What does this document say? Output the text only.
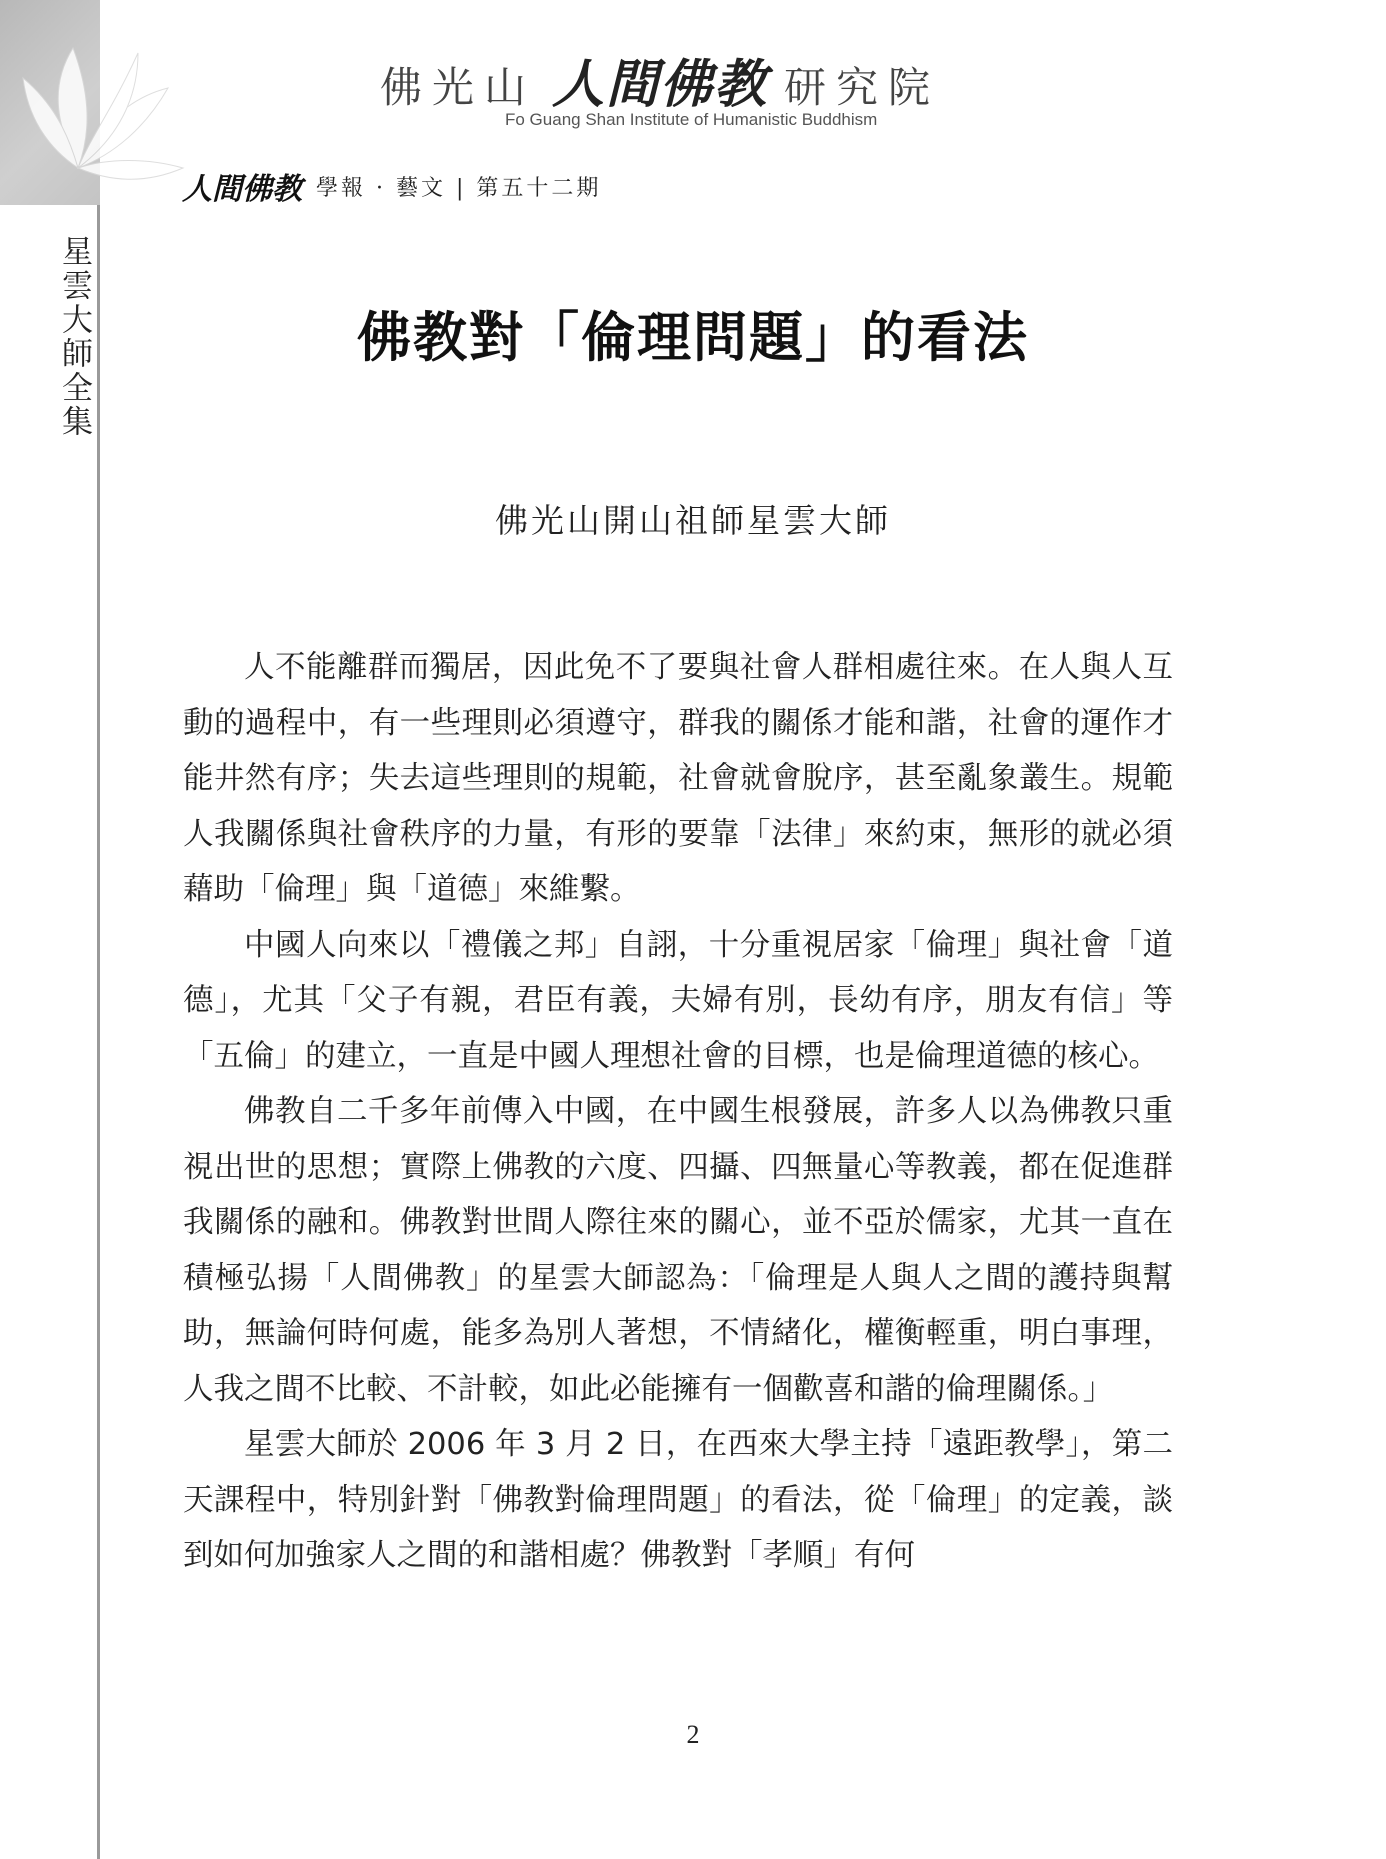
星雲大師全集
佛光山 人間佛教 研究院
Fo Guang Shan Institute of Humanistic Buddhism
人間佛教 學報 · 藝文 | 第五十二期
佛教對「倫理問題」的看法
佛光山開山祖師星雲大師

人不能離群而獨居，因此免不了要與社會人群相處往來。在人與人互動的過程中，有一些理則必須遵守，群我的關係才能和諧，社會的運作才能井然有序；失去這些理則的規範，社會就會脫序，甚至亂象叢生。規範人我關係與社會秩序的力量，有形的要靠「法律」來約束，無形的就必須藉助「倫理」與「道德」來維繫。

中國人向來以「禮儀之邦」自詡，十分重視居家「倫理」與社會「道德」，尤其「父子有親，君臣有義，夫婦有別，長幼有序，朋友有信」等「五倫」的建立，一直是中國人理想社會的目標，也是倫理道德的核心。

佛教自二千多年前傳入中國，在中國生根發展，許多人以為佛教只重視出世的思想；實際上佛教的六度、四攝、四無量心等教義，都在促進群我關係的融和。佛教對世間人際往來的關心，並不亞於儒家，尤其一直在積極弘揚「人間佛教」的星雲大師認為：「倫理是人與人之間的護持與幫助，無論何時何處，能多為別人著想，不情緒化，權衡輕重，明白事理，人我之間不比較、不計較，如此必能擁有一個歡喜和諧的倫理關係。」

星雲大師於 2006 年 3 月 2 日，在西來大學主持「遠距教學」，第二天課程中，特別針對「佛教對倫理問題」的看法，從「倫理」的定義，談到如何加強家人之間的和諧相處？佛教對「孝順」有何

2
